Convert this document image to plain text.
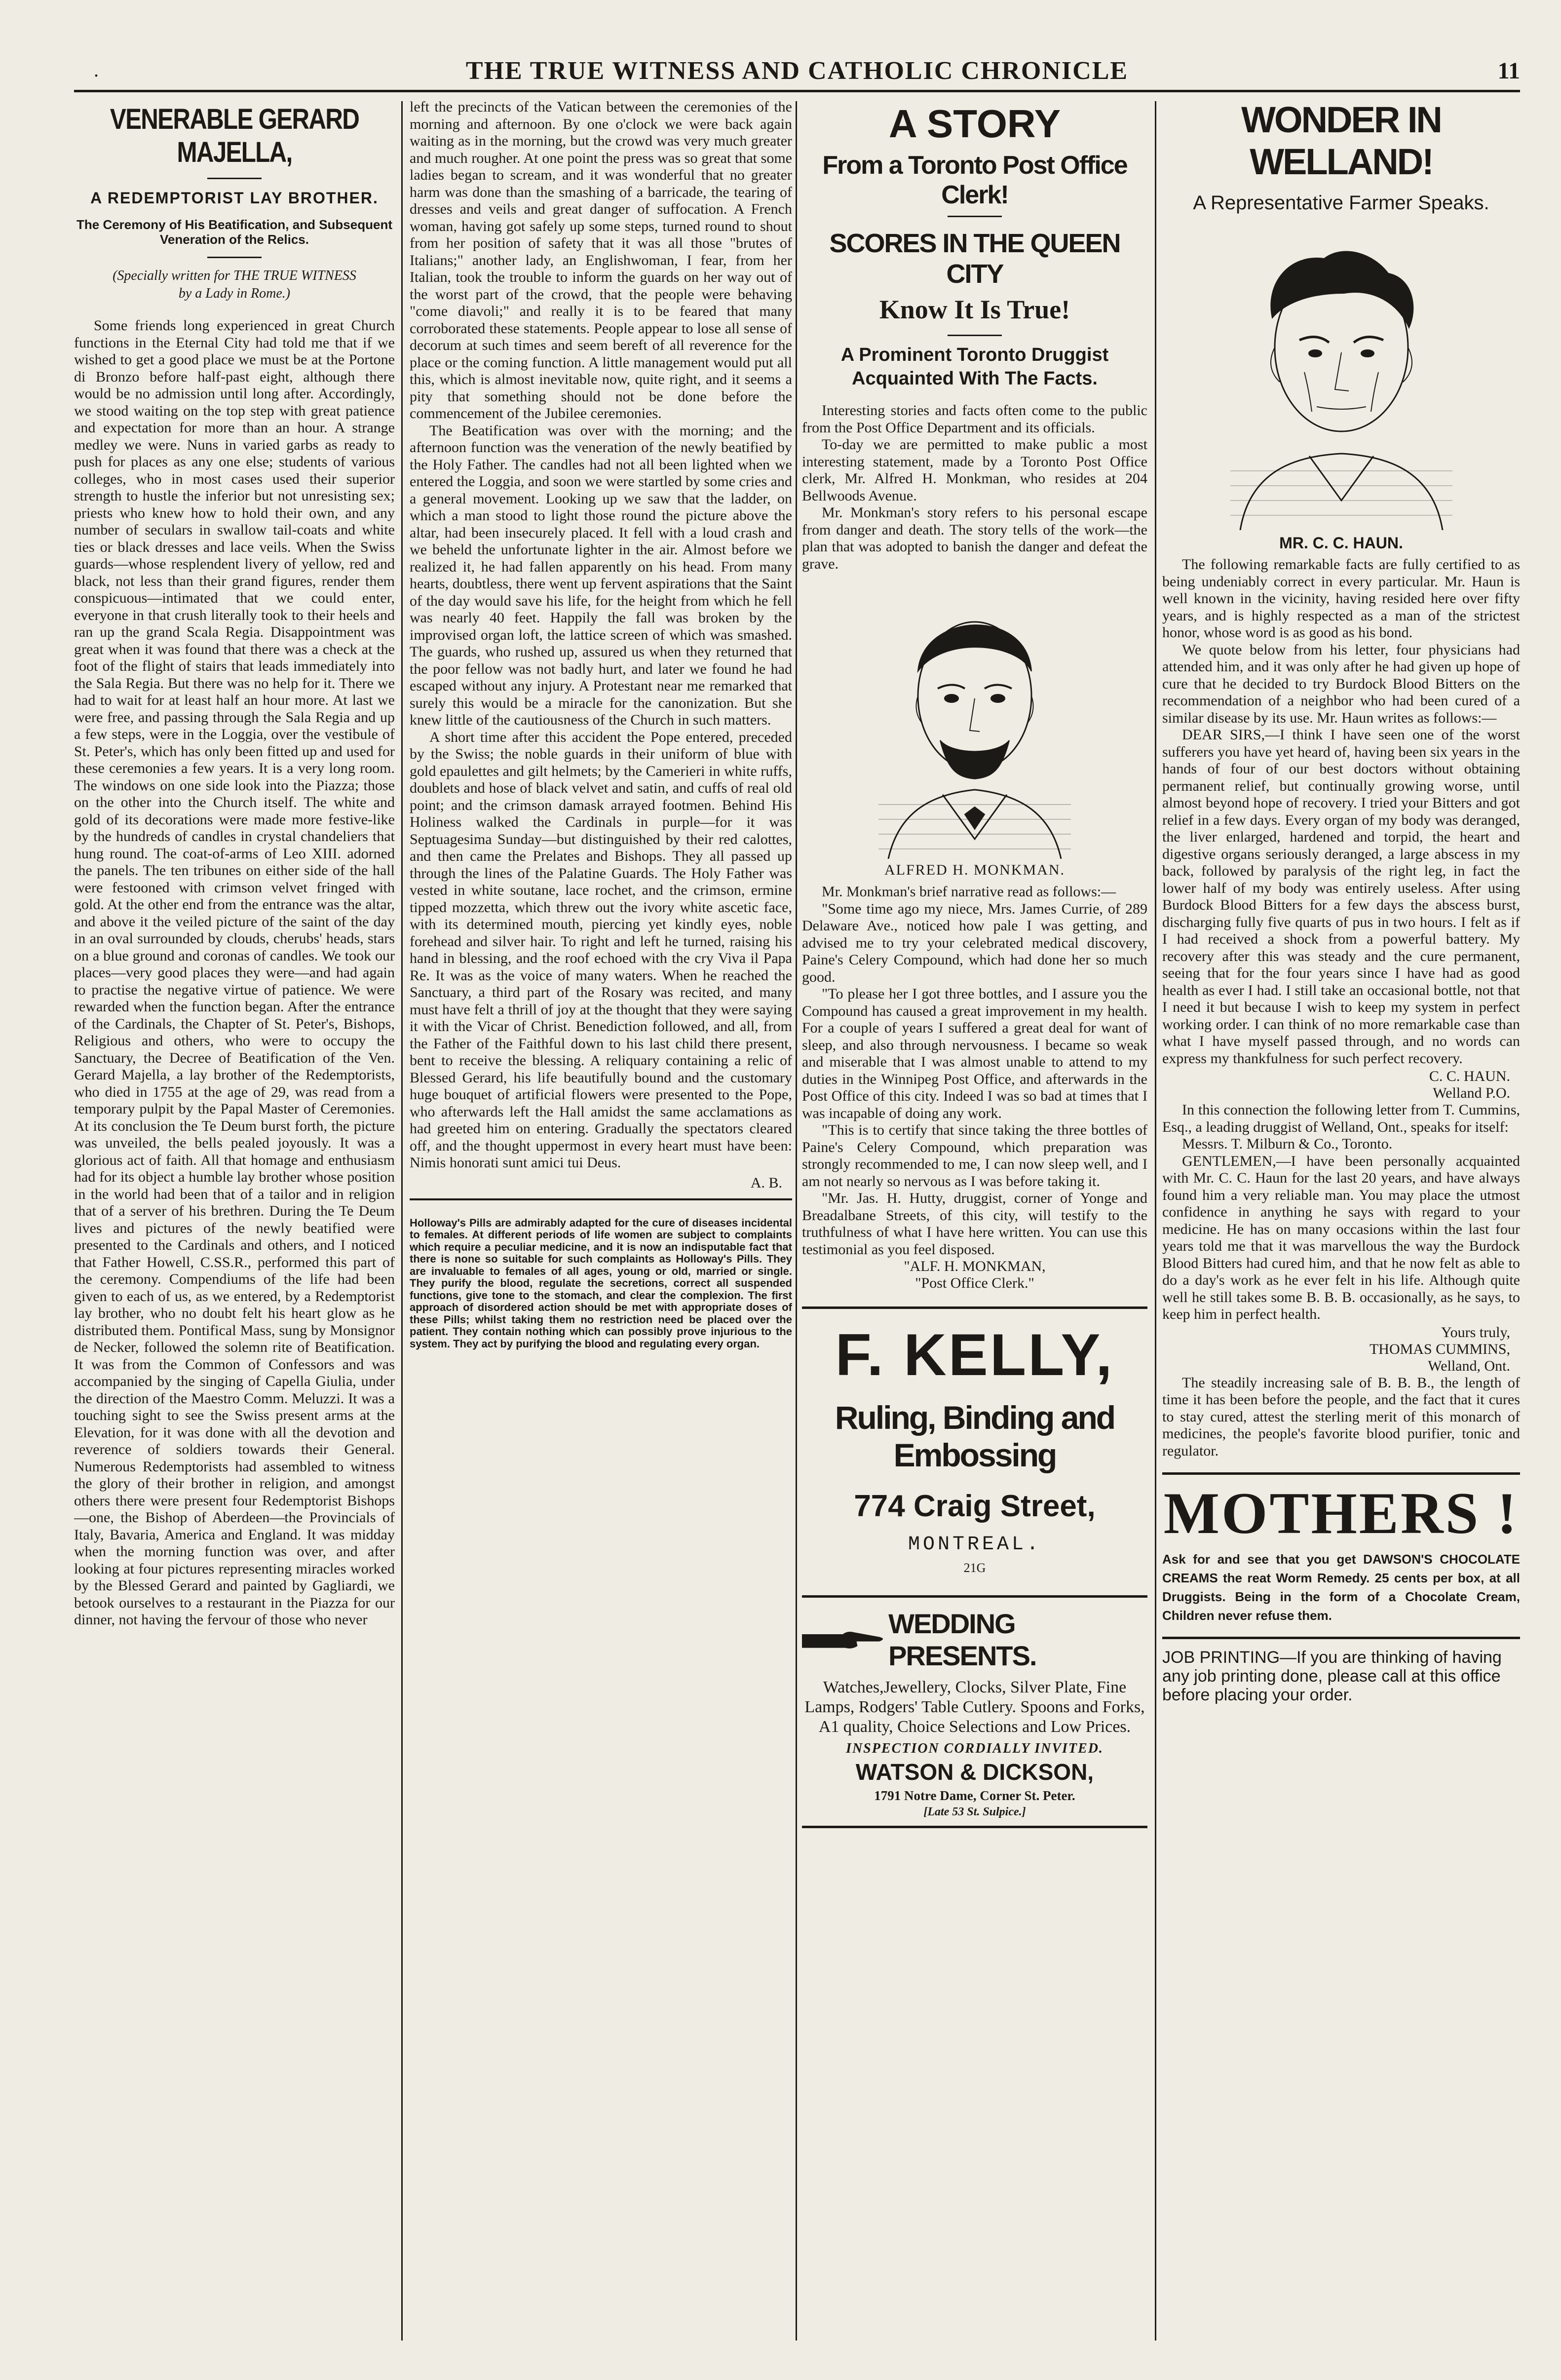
.	THE TRUE WITNESS AND CATHOLIC CHRONICLE	11
VENERABLE GERARD MAJELLA,
A REDEMPTORIST LAY BROTHER.
The Ceremony of His Beatification, and Subsequent Veneration of the Relics.
(Specially written for THE TRUE WITNESS
by a Lady in Rome.)

Some friends long experienced in great Church functions in the Eternal City had told me that if we wished to get a good place we must be at the Portone di Bronzo before half-past eight, although there would be no admission until long after. Accordingly, we stood waiting on the top step with great patience and expectation for more than an hour. A strange medley we were. Nuns in varied garbs as ready to push for places as any one else; students of various colleges, who in most cases used their superior strength to hustle the inferior but not unresisting sex; priests who knew how to hold their own, and any number of seculars in swallow tail-coats and white ties or black dresses and lace veils. When the Swiss guards—whose resplendent livery of yellow, red and black, not less than their grand figures, render them conspicuous—intimated that we could enter, everyone in that crush literally took to their heels and ran up the grand Scala Regia. Disappointment was great when it was found that there was a check at the foot of the flight of stairs that leads immediately into the Sala Regia. But there was no help for it. There we had to wait for at least half an hour more. At last we were free, and passing through the Sala Regia and up a few steps, were in the Loggia, over the vestibule of St. Peter's, which has only been fitted up and used for these ceremonies a few years. It is a very long room. The windows on one side look into the Piazza; those on the other into the Church itself. The white and gold of its decorations were made more festive-like by the hundreds of candles in crystal chandeliers that hung round. The coat-of-arms of Leo XIII. adorned the panels. The ten tribunes on either side of the hall were festooned with crimson velvet fringed with gold. At the other end from the entrance was the altar, and above it the veiled picture of the saint of the day in an oval surrounded by clouds, cherubs' heads, stars on a blue ground and coronas of candles. We took our places—very good places they were—and had again to practise the negative virtue of patience. We were rewarded when the function began. After the entrance of the Cardinals, the Chapter of St. Peter's, Bishops, Religious and others, who were to occupy the Sanctuary, the Decree of Beatification of the Ven. Gerard Majella, a lay brother of the Redemptorists, who died in 1755 at the age of 29, was read from a temporary pulpit by the Papal Master of Ceremonies. At its conclusion the Te Deum burst forth, the picture was unveiled, the bells pealed joyously. It was a glorious act of faith. All that homage and enthusiasm had for its object a humble lay brother whose position in the world had been that of a tailor and in religion that of a server of his brethren. During the Te Deum lives and pictures of the newly beatified were presented to the Cardinals and others, and I noticed that Father Howell, C.SS.R., performed this part of the ceremony. Compendiums of the life had been given to each of us, as we entered, by a Redemptorist lay brother, who no doubt felt his heart glow as he distributed them. Pontifical Mass, sung by Monsignor de Necker, followed the solemn rite of Beatification. It was from the Common of Confessors and was accompanied by the singing of Capella Giulia, under the direction of the Maestro Comm. Meluzzi. It was a touching sight to see the Swiss present arms at the Elevation, for it was done with all the devotion and reverence of soldiers towards their General. Numerous Redemptorists had assembled to witness the glory of their brother in religion, and amongst others there were present four Redemptorist Bishops—one, the Bishop of Aberdeen—the Provincials of Italy, Bavaria, America and England. It was midday when the morning function was over, and after looking at four pictures representing miracles worked by the Blessed Gerard and painted by Gagliardi, we betook ourselves to a restaurant in the Piazza for our dinner, not having the fervour of those who never

left the precincts of the Vatican between the ceremonies of the morning and afternoon. By one o'clock we were back again waiting as in the morning, but the crowd was very much greater and much rougher. At one point the press was so great that some ladies began to scream, and it was wonderful that no greater harm was done than the smashing of a barricade, the tearing of dresses and veils and great danger of suffocation. A French woman, having got safely up some steps, turned round to shout from her position of safety that it was all those "brutes of Italians;" another lady, an Englishwoman, I fear, from her Italian, took the trouble to inform the guards on her way out of the worst part of the crowd, that the people were behaving "come diavoli;" and really it is to be feared that many corroborated these statements. People appear to lose all sense of decorum at such times and seem bereft of all reverence for the place or the coming function. A little management would put all this, which is almost inevitable now, quite right, and it seems a pity that something should not be done before the commencement of the Jubilee ceremonies.

The Beatification was over with the morning; and the afternoon function was the veneration of the newly beatified by the Holy Father. The candles had not all been lighted when we entered the Loggia, and soon we were startled by some cries and a general movement. Looking up we saw that the ladder, on which a man stood to light those round the picture above the altar, had been insecurely placed. It fell with a loud crash and we beheld the unfortunate lighter in the air. Almost before we realized it, he had fallen apparently on his head. From many hearts, doubtless, there went up fervent aspirations that the Saint of the day would save his life, for the height from which he fell was nearly 40 feet. Happily the fall was broken by the improvised organ loft, the lattice screen of which was smashed. The guards, who rushed up, assured us when they returned that the poor fellow was not badly hurt, and later we found he had escaped without any injury. A Protestant near me remarked that surely this would be a miracle for the canonization. But she knew little of the cautiousness of the Church in such matters.

A short time after this accident the Pope entered, preceded by the Swiss; the noble guards in their uniform of blue with gold epaulettes and gilt helmets; by the Camerieri in white ruffs, doublets and hose of black velvet and satin, and cuffs of real old point; and the crimson damask arrayed footmen. Behind His Holiness walked the Cardinals in purple—for it was Septuagesima Sunday—but distinguished by their red calottes, and then came the Prelates and Bishops. They all passed up through the lines of the Palatine Guards. The Holy Father was vested in white soutane, lace rochet, and the crimson, ermine tipped mozzetta, which threw out the ivory white ascetic face, with its determined mouth, piercing yet kindly eyes, noble forehead and silver hair. To right and left he turned, raising his hand in blessing, and the roof echoed with the cry Viva il Papa Re. It was as the voice of many waters. When he reached the Sanctuary, a third part of the Rosary was recited, and many must have felt a thrill of joy at the thought that they were saying it with the Vicar of Christ. Benediction followed, and all, from the Father of the Faithful down to his last child there present, bent to receive the blessing. A reliquary containing a relic of Blessed Gerard, his life beautifully bound and the customary huge bouquet of artificial flowers were presented to the Pope, who afterwards left the Hall amidst the same acclamations as had greeted him on entering. Gradually the spectators cleared off, and the thought uppermost in every heart must have been: Nimis honorati sunt amici tui Deus.

A. B.

Holloway's Pills are admirably adapted for the cure of diseases incidental to females. At different periods of life women are subject to complaints which require a peculiar medicine, and it is now an indisputable fact that there is none so suitable for such complaints as Holloway's Pills. They are invaluable to females of all ages, young or old, married or single. They purify the blood, regulate the secretions, correct all suspended functions, give tone to the stomach, and clear the complexion. The first approach of disordered action should be met with appropriate doses of these Pills; whilst taking them no restriction need be placed over the patient. They contain nothing which can possibly prove injurious to the system. They act by purifying the blood and regulating every organ.

A STORY
From a Toronto Post Office Clerk!
SCORES IN THE QUEEN CITY
Know It Is True!
A Prominent Toronto Druggist Acquainted With The Facts.

Interesting stories and facts often come to the public from the Post Office Department and its officials.

To-day we are permitted to make public a most interesting statement, made by a Toronto Post Office clerk, Mr. Alfred H. Monkman, who resides at 204 Bellwoods Avenue.

Mr. Monkman's story refers to his personal escape from danger and death. The story tells of the work—the plan that was adopted to banish the danger and defeat the grave.

ALFRED H. MONKMAN.

Mr. Monkman's brief narrative read as follows:—

"Some time ago my niece, Mrs. James Currie, of 289 Delaware Ave., noticed how pale I was getting, and advised me to try your celebrated medical discovery, Paine's Celery Compound, which had done her so much good.

"To please her I got three bottles, and I assure you the Compound has caused a great improvement in my health. For a couple of years I suffered a great deal for want of sleep, and also through nervousness. I became so weak and miserable that I was almost unable to attend to my duties in the Winnipeg Post Office, and afterwards in the Post Office of this city. Indeed I was so bad at times that I was incapable of doing any work.

"This is to certify that since taking the three bottles of Paine's Celery Compound, which preparation was strongly recommended to me, I can now sleep well, and I am not nearly so nervous as I was before taking it.

"Mr. Jas. H. Hutty, druggist, corner of Yonge and Breadalbane Streets, of this city, will testify to the truthfulness of what I have here written. You can use this testimonial as you feel disposed.

"ALF. H. MONKMAN,
"Post Office Clerk."
F. KELLY,
Ruling, Binding and Embossing
774 Craig Street,
MONTREAL.
21G
WEDDING PRESENTS.
Watches,Jewellery, Clocks, Silver Plate, Fine Lamps, Rodgers' Table Cutlery. Spoons and Forks, A1 quality, Choice Selections and Low Prices.
INSPECTION CORDIALLY INVITED.
WATSON & DICKSON,
1791 Notre Dame, Corner St. Peter.
[Late 53 St. Sulpice.]
WONDER IN WELLAND!
A Representative Farmer Speaks.
MR. C. C. HAUN.

The following remarkable facts are fully certified to as being undeniably correct in every particular. Mr. Haun is well known in the vicinity, having resided here over fifty years, and is highly respected as a man of the strictest honor, whose word is as good as his bond.

We quote below from his letter, four physicians had attended him, and it was only after he had given up hope of cure that he decided to try Burdock Blood Bitters on the recommendation of a neighbor who had been cured of a similar disease by its use. Mr. Haun writes as follows:—

DEAR SIRS,—I think I have seen one of the worst sufferers you have yet heard of, having been six years in the hands of four of our best doctors without obtaining permanent relief, but continually growing worse, until almost beyond hope of recovery. I tried your Bitters and got relief in a few days. Every organ of my body was deranged, the liver enlarged, hardened and torpid, the heart and digestive organs seriously deranged, a large abscess in my back, followed by paralysis of the right leg, in fact the lower half of my body was entirely useless. After using Burdock Blood Bitters for a few days the abscess burst, discharging fully five quarts of pus in two hours. I felt as if I had received a shock from a powerful battery. My recovery after this was steady and the cure permanent, seeing that for the four years since I have had as good health as ever I had. I still take an occasional bottle, not that I need it but because I wish to keep my system in perfect working order. I can think of no more remarkable case than what I have myself passed through, and no words can express my thankfulness for such perfect recovery.

C. C. HAUN.
Welland P.O.

In this connection the following letter from T. Cummins, Esq., a leading druggist of Welland, Ont., speaks for itself:

Messrs. T. Milburn & Co., Toronto.

GENTLEMEN,—I have been personally acquainted with Mr. C. C. Haun for the last 20 years, and have always found him a very reliable man. You may place the utmost confidence in anything he says with regard to your medicine. He has on many occasions within the last four years told me that it was marvellous the way the Burdock Blood Bitters had cured him, and that he now felt as able to do a day's work as he ever felt in his life. Although quite well he still takes some B. B. B. occasionally, as he says, to keep him in perfect health.

Yours truly,
THOMAS CUMMINS,
Welland, Ont.

The steadily increasing sale of B. B. B., the length of time it has been before the people, and the fact that it cures to stay cured, attest the sterling merit of this monarch of medicines, the people's favorite blood purifier, tonic and regulator.

MOTHERS !

Ask for and see that you get DAWSON'S CHOCOLATE CREAMS the reat Worm Remedy. 25 cents per box, at all Druggists. Being in the form of a Chocolate Cream, Children never refuse them.

JOB PRINTING—If you are thinking of having any job printing done, please call at this office before placing your order.
